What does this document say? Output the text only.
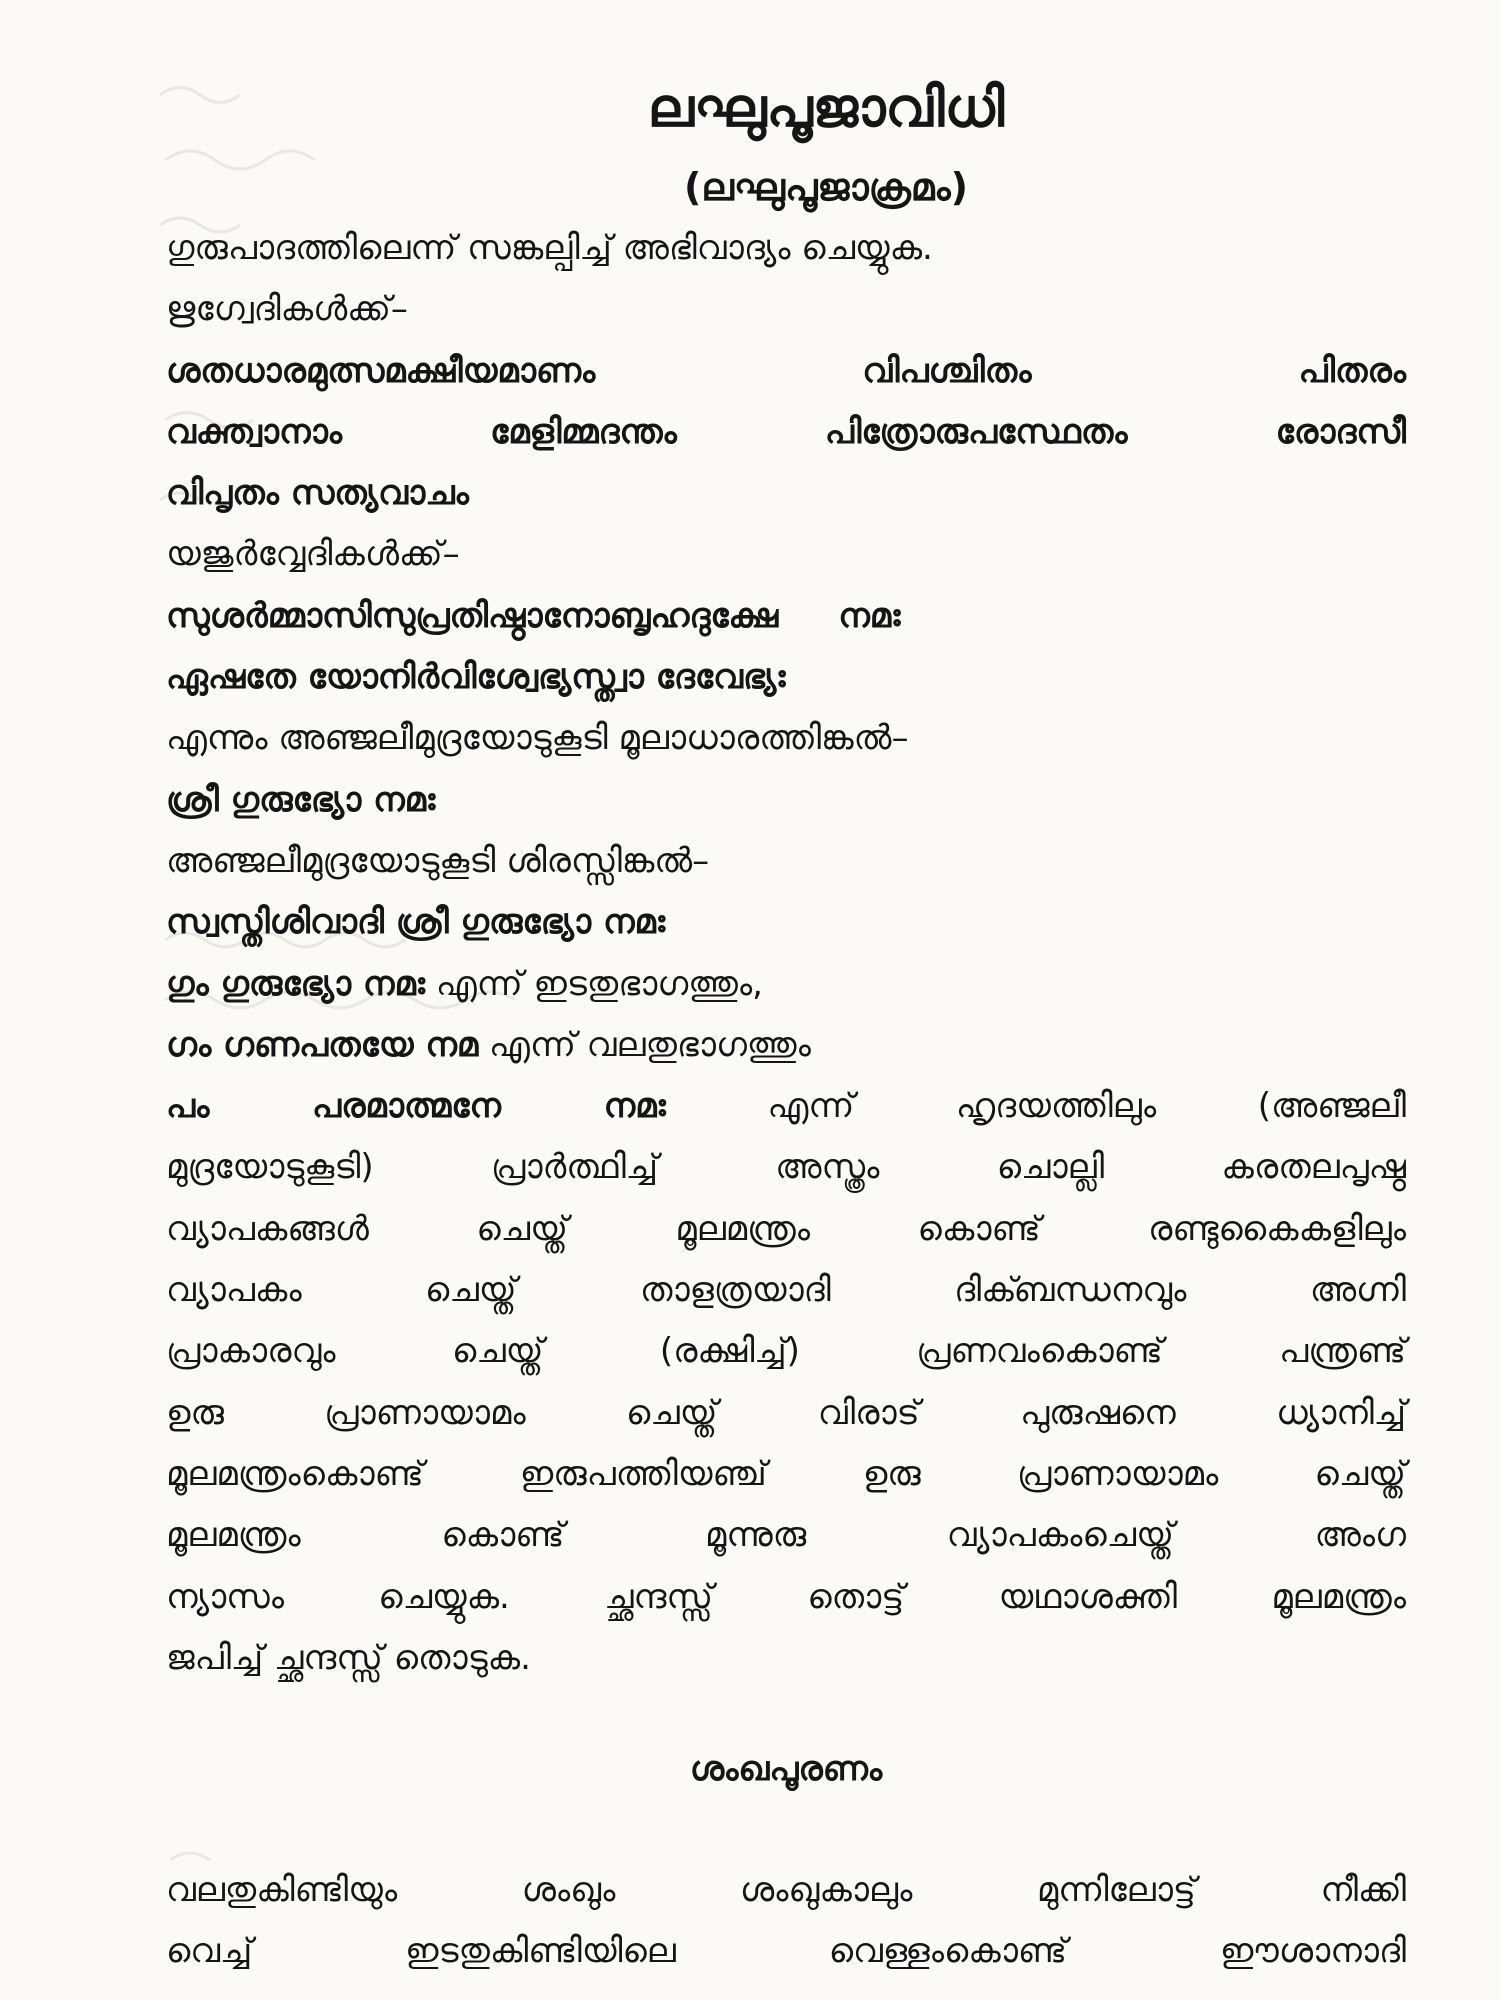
ലഘുപൂജാവിധി
(ലഘുപൂജാക്രമം)
ഗുരുപാദത്തിലെന്ന് സങ്കല്പിച്ച് അഭിവാദ്യം ചെയ്യുക.
ഋഗ്വേദികൾക്ക്–
ശതധാരമുത്സമക്ഷീയമാണം വിപശ്ചിതം പിതരം
വക്ത്വാനാം മേളിമ്മദന്തം പിത്രോരുപസ്ഥേതം രോദസീ
വിപൃതം സത്യവാചം
യജുർവ്വേദികൾക്ക്–
സുശർമ്മാസിസുപ്രതിഷ്ഠാനോബൃഹദുക്ഷേ നമഃ
ഏഷതേ യോനിർവിശ്വേഭ്യസ്ത്വാ ദേവേഭ്യഃ
എന്നും അഞ്ജലീമുദ്രയോടുകൂടി മൂലാധാരത്തിങ്കൽ–
ശ്രീ ഗുരുഭ്യോ നമഃ
അഞ്ജലീമുദ്രയോടുകൂടി ശിരസ്സിങ്കൽ–
സ്വസ്തിശിവാദി ശ്രീ ഗുരുഭ്യോ നമഃ
ഗും ഗുരുഭ്യോ നമഃ എന്ന് ഇടതുഭാഗത്തും,
ഗം ഗണപതയേ നമ എന്ന് വലതുഭാഗത്തും
പം പരമാത്മനേ നമഃ എന്ന് ഹൃദയത്തിലും (അഞ്ജലീ
മുദ്രയോടുകൂടി) പ്രാർത്ഥിച്ച് അസ്ത്രം ചൊല്ലി കരതലപൃഷ്ഠ
വ്യാപകങ്ങൾ ചെയ്ത് മൂലമന്ത്രം കൊണ്ട് രണ്ടുകൈകളിലും
വ്യാപകം ചെയ്ത് താളത്രയാദി ദിക്ബന്ധനവും അഗ്നി
പ്രാകാരവും ചെയ്ത് (രക്ഷിച്ച്) പ്രണവംകൊണ്ട് പന്ത്രണ്ട്
ഉരു പ്രാണായാമം ചെയ്ത് വിരാട് പുരുഷനെ ധ്യാനിച്ച്
മൂലമന്ത്രംകൊണ്ട് ഇരുപത്തിയഞ്ച് ഉരു പ്രാണായാമം ചെയ്ത്
മൂലമന്ത്രം കൊണ്ട് മൂന്നുരു വ്യാപകംചെയ്ത് അംഗ
ന്യാസം ചെയ്യുക. ച്ഛന്ദസ്സ് തൊട്ട് യഥാശക്തി മൂലമന്ത്രം
ജപിച്ച് ച്ഛന്ദസ്സ് തൊടുക.
ശംഖപൂരണം
വലതുകിണ്ടിയും ശംഖും ശംഖുകാലും മുന്നിലോട്ട് നീക്കി
വെച്ച് ഇടതുകിണ്ടിയിലെ വെള്ളംകൊണ്ട് ഈശാനാദി
